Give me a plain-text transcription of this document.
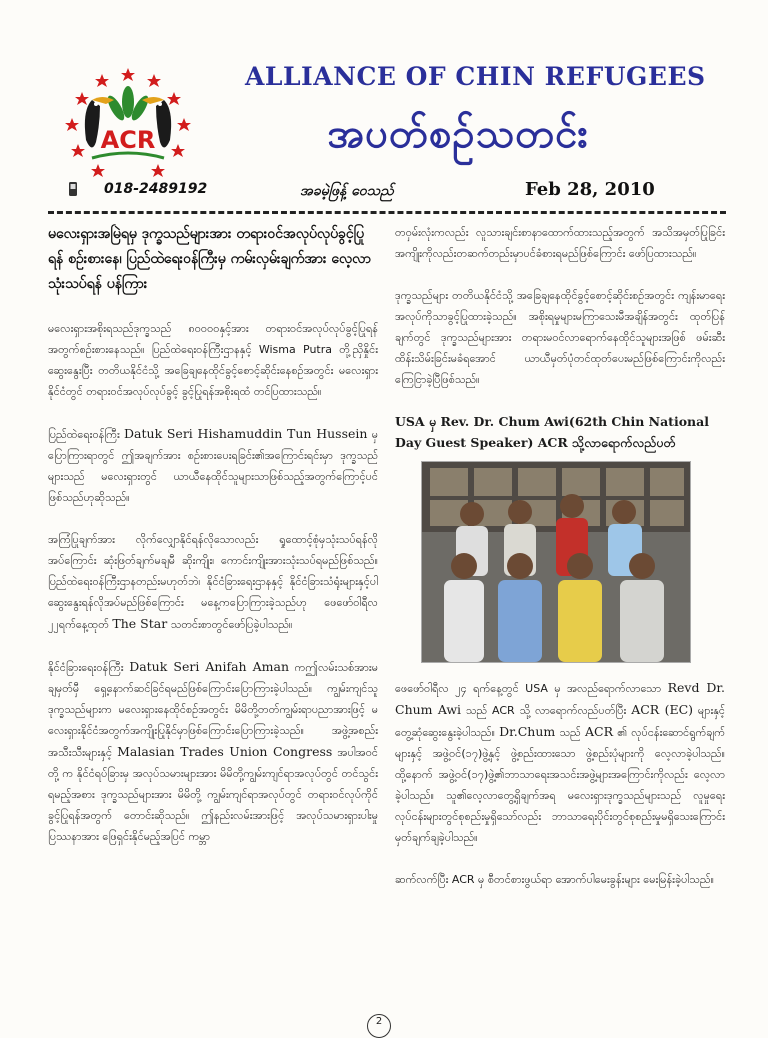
ACR
018-2489192
ALLIANCE OF CHIN REFUGEES
အပတ်စဉ်သတင်း
အခမဲ့ဖြန့် ဝေသည်	Feb 28, 2010
မလေးရှားအမြဲရမှ ဒုက္ခသည်များအား တရားဝင်အလုပ်လုပ်ခွင့်ပြုရန် စဉ်းစားနေ၊ ပြည်ထဲရေးဝန်ကြီးမှ ကမ်းလှမ်းချက်အား လေ့လာသုံးသပ်ရန် ပန်ကြား
မလေးရှားအစိုးရသည်ဒုက္ခသည် ၈၀၀၀၀နှင့်အား တရားဝင်အလုပ်လုပ်ခွင့်ပြုရန်အတွက်စဉ်းစားနေသည်။ ပြည်ထဲရေးဝန်ကြီးဌာနနှင့် Wisma Putra တို့ညှိနှိုင်းဆွေးနွေးပြီး တတိယနိုင်ငံသို့ အခြေချနေထိုင်ခွင့်စောင့်ဆိုင်းနေစဉ်အတွင်း မလေးရှားနိုင်ငံတွင် တရားဝင်အလုပ်လုပ်ခွင့် ခွင့်ပြုရန်အစိုးရထံ တင်ပြထားသည်။
ပြည်ထဲရေးဝန်ကြီး Datuk Seri Hishamuddin Tun Hussein မှပြောကြားရာတွင် ဤအချက်အား စဉ်းစားပေးရခြင်း၏အကြောင်းရင်းမှာ ဒုက္ခသည်များသည် မလေးရှားတွင် ယာယီနေထိုင်သူများသာဖြစ်သည့်အတွက်ကြောင့်ပင်ဖြစ်သည်ဟုဆိုသည်။
အကြံပြုချက်အား လိုက်လျှောနိုင်ရန်လိုသောလည်း ရှုထောင့်စုံမှသုံးသပ်ရန်လိုအပ်ကြောင်း ဆုံးဖြတ်ချက်မချမီ ဆိုးကျိုး၊ ကောင်းကျိုးအားသုံးသပ်ရမည်ဖြစ်သည်။ ပြည်ထဲရေးဝန်ကြီးဌာနတည်းမဟုတ်ဘဲ၊ နိုင်ငံခြားရေးဌာနနှင့် နိုင်ငံခြားသံရုံးများနှင့်ပါဆွေးနွေးရန်လိုအပ်မည်ဖြစ်ကြောင်း မနေ့ကပြောကြားခဲ့သည်ဟု ဖေဖော်ဝါရီလ ၂၂ရက်နေ့ထုတ် The Star သတင်းစာတွင်ဖော်ပြခဲ့ပါသည်။
နိုင်ငံခြားရေးဝန်ကြီး Datuk Seri Anifah Aman ကဤလမ်းသစ်အားမချမှတ်မှီ ရှေ့နောက်ဆင်ခြင်ရမည်ဖြစ်ကြောင်းပြောကြားခဲ့ပါသည်။ ကျွမ်းကျင်သူဒုက္ခသည်များက မလေးရှားနေထိုင်စဉ်အတွင်း မိမိတို့တတ်ကျွမ်းရာပညာအားဖြင့် မလေးရှားနိုင်ငံအတွက်အကျိုးပြုနိုင်မှာဖြစ်ကြောင်းပြောကြားခဲ့သည်။ အဖွဲ့အစည်းအသီးသီးများနှင့် Malasian Trades Union Congress အပါအဝင်တို့ က နိုင်ငံရပ်ခြားမှ အလုပ်သမားများအား မိမိတို့ကျွမ်းကျင်ရာအလုပ်တွင် တင်သွင်းရမည့်အစား ဒုက္ခသည်များအား မိမိတို့ ကျွမ်းကျင်ရာအလုပ်တွင် တရားဝင်လုပ်ကိုင်ခွင့်ပြုရန်အတွက် တောင်းဆိုသည်။ ဤနည်းလမ်းအားဖြင့် အလုပ်သမားရှားပါးမှုပြဿနာအား ဖြေရှင်းနိုင်မည့်အပြင် ကမ္ဘာ
တဝှမ်းလုံးကလည်း လူသားချင်းစာနာထောက်ထားသည့်အတွက် အသိအမှတ်ပြုခြင်းအကျိုးကိုလည်းတဆက်တည်းမှာပင်ခံစားရမည်ဖြစ်ကြောင်း ဖော်ပြထားသည်။
ဒုက္ခသည်များ တတိယနိုင်ငံသို့ အခြေချနေထိုင်ခွင့်စောင့်ဆိုင်းစဉ်အတွင်း ကျန်းမာရေးအလုပ်ကိုသာခွင့်ပြုထားခဲ့သည်။ အစိုးရမှုများမကြာသေးမီအချိန်အတွင်း ထုတ်ပြန်ချက်တွင် ဒုက္ခသည်များအား တရားမဝင်လာရောက်နေထိုင်သူများအဖြစ် ဖမ်းဆီးထိန်းသိမ်းခြင်းမခံရအောင် ယာယီမှတ်ပုံတင်ထုတ်ပေးမည်ဖြစ်ကြောင်းကိုလည်း ကြေငြာခဲ့ပြီဖြစ်သည်။
USA မှ Rev. Dr. Chum Awi(62th Chin National Day Guest Speaker) ACR သို့လာရောက်လည်ပတ်
ဖေဖော်ဝါရီလ ၂၄ ရက်နေ့တွင် USA မှ အလည်ရောက်လာသော Revd Dr. Chum Awi သည် ACR သို့ လာရောက်လည်ပတ်ပြီး ACR (EC) များနှင့် တွေ့ဆုံဆွေးနွေးခဲ့ပါသည်။ Dr.Chum သည် ACR ၏ လုပ်ငန်းဆောင်ရွက်ချက်များနှင့် အဖွဲ့ဝင်(၁၇)ဖွဲ့နှင့် ဖွဲ့စည်းထားသော ဖွဲ့စည်းပုံများကို လေ့လာခဲ့ပါသည်။ ထို့နောက် အဖွဲ့ဝင်(၁၇)ဖွဲ့၏ဘာသာရေးအသင်းအဖွဲ့များအကြောင်းကိုလည်း လေ့လာခဲ့ပါသည်။ သူ၏လေ့လာတွေ့ရှိချက်အရ မလေးရှားဒုက္ခသည်များသည် လူမှုရေးလုပ်ငန်းများတွင်စုစည်းမှုရှိသော်လည်း ဘာသာရေးပိုင်းတွင်စုစည်းမှုမရှိသေးကြောင်း မှတ်ချက်ချခဲ့ပါသည်။
ဆက်လက်ပြီး ACR မှ စီတင်စားဖွယ်ရာ အောက်ပါမေးခွန်းများ မေးမြန်းခဲ့ပါသည်။
2
